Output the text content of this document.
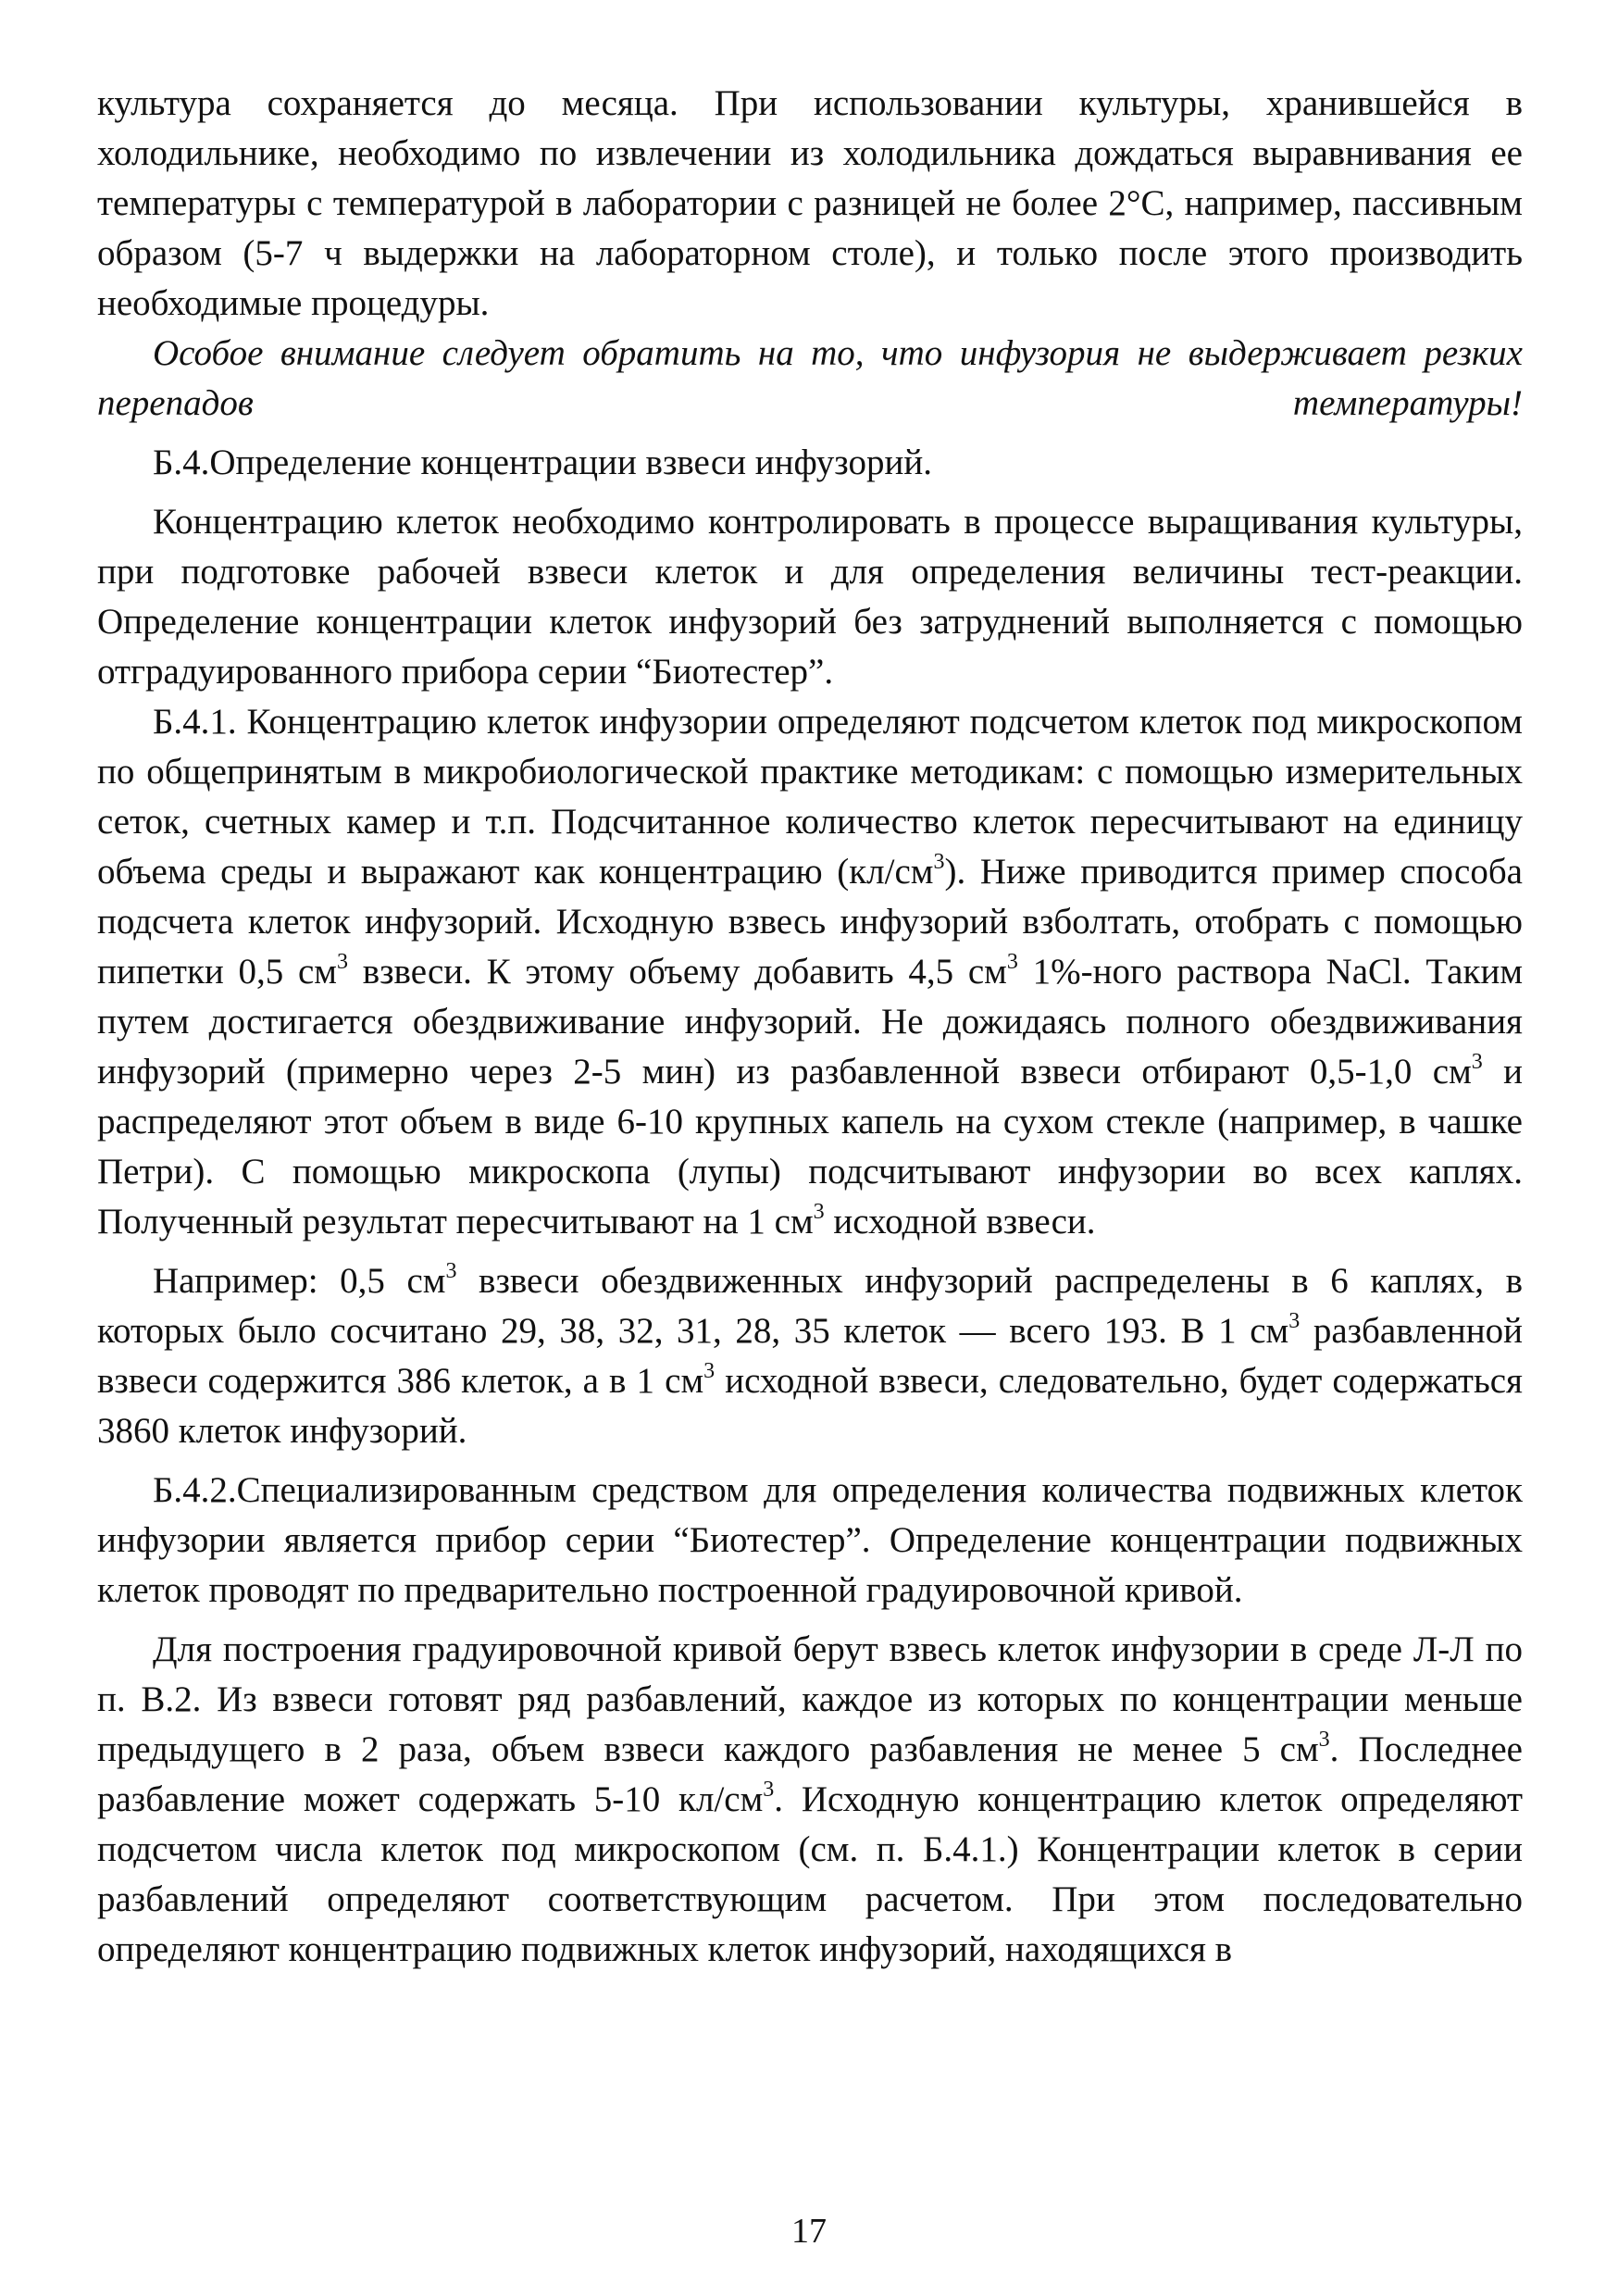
культура сохраняется до месяца. При использовании культуры, хранившейся в холодильнике, необходимо по извлечении из холодильника дождаться выравнивания ее температуры с температурой в лаборатории с разницей не более 2°С, например, пассивным образом (5-7 ч выдержки на лабораторном столе), и только после этого производить необходимые процедуры.

Особое внимание следует обратить на то, что инфузория не выдерживает резких перепадов температуры!

Б.4.Определение концентрации взвеси инфузорий.

Концентрацию клеток необходимо контролировать в процессе выращивания культуры, при подготовке рабочей взвеси клеток и для определения величины тест-реакции. Определение концентрации клеток инфузорий без затруднений выполняется с помощью отградуированного прибора серии “Биотестер”.

Б.4.1. Концентрацию клеток инфузории определяют подсчетом клеток под микроскопом по общепринятым в микробиологической практике методикам: с помощью измерительных сеток, счетных камер и т.п. Подсчитанное количество клеток пересчитывают на единицу объема среды и выражают как концентрацию $(кл/см^3)$. Ниже приводится пример способа подсчета клеток инфузорий. Исходную взвесь инфузорий взболтать, отобрать с помощью пипетки 0,5 $см^3$ взвеси. К этому объему добавить 4,5 $см^3$ 1%-ного раствора NaCl. Таким путем достигается обездвиживание инфузорий. Не дожидаясь полного обездвиживания инфузорий (примерно через 2-5 мин) из разбавленной взвеси отбирают 0,5-1,0 $см^3$ и распределяют этот объем в виде 6-10 крупных капель на сухом стекле (например, в чашке Петри). С помощью микроскопа (лупы) подсчитывают инфузории во всех каплях. Полученный результат пересчитывают на 1 $см^3$ исходной взвеси.

Например: 0,5 $см^3$ взвеси обездвиженных инфузорий распределены в 6 каплях, в которых было сосчитано 29, 38, 32, 31, 28, 35 клеток — всего 193. В 1 $см^3$ разбавленной взвеси содержится 386 клеток, а в 1 $см^3$ исходной взвеси, следовательно, будет содержаться 3860 клеток инфузорий.

Б.4.2.Специализированным средством для определения количества подвижных клеток инфузории является прибор серии “Биотестер”. Определение концентрации подвижных клеток проводят по предварительно построенной градуировочной кривой.

Для построения градуировочной кривой берут взвесь клеток инфузории в среде Л-Л по п. В.2. Из взвеси готовят ряд разбавлений, каждое из которых по концентрации меньше предыдущего в 2 раза, объем взвеси каждого разбавления не менее 5 $см^3$. Последнее разбавление может содержать 5-10 $кл/см^3$. Исходную концентрацию клеток определяют подсчетом числа клеток под микроскопом (см. п. Б.4.1.) Концентрации клеток в серии разбавлений определяют соответствующим расчетом. При этом последовательно определяют концентрацию подвижных клеток инфузорий, находящихся в

17
